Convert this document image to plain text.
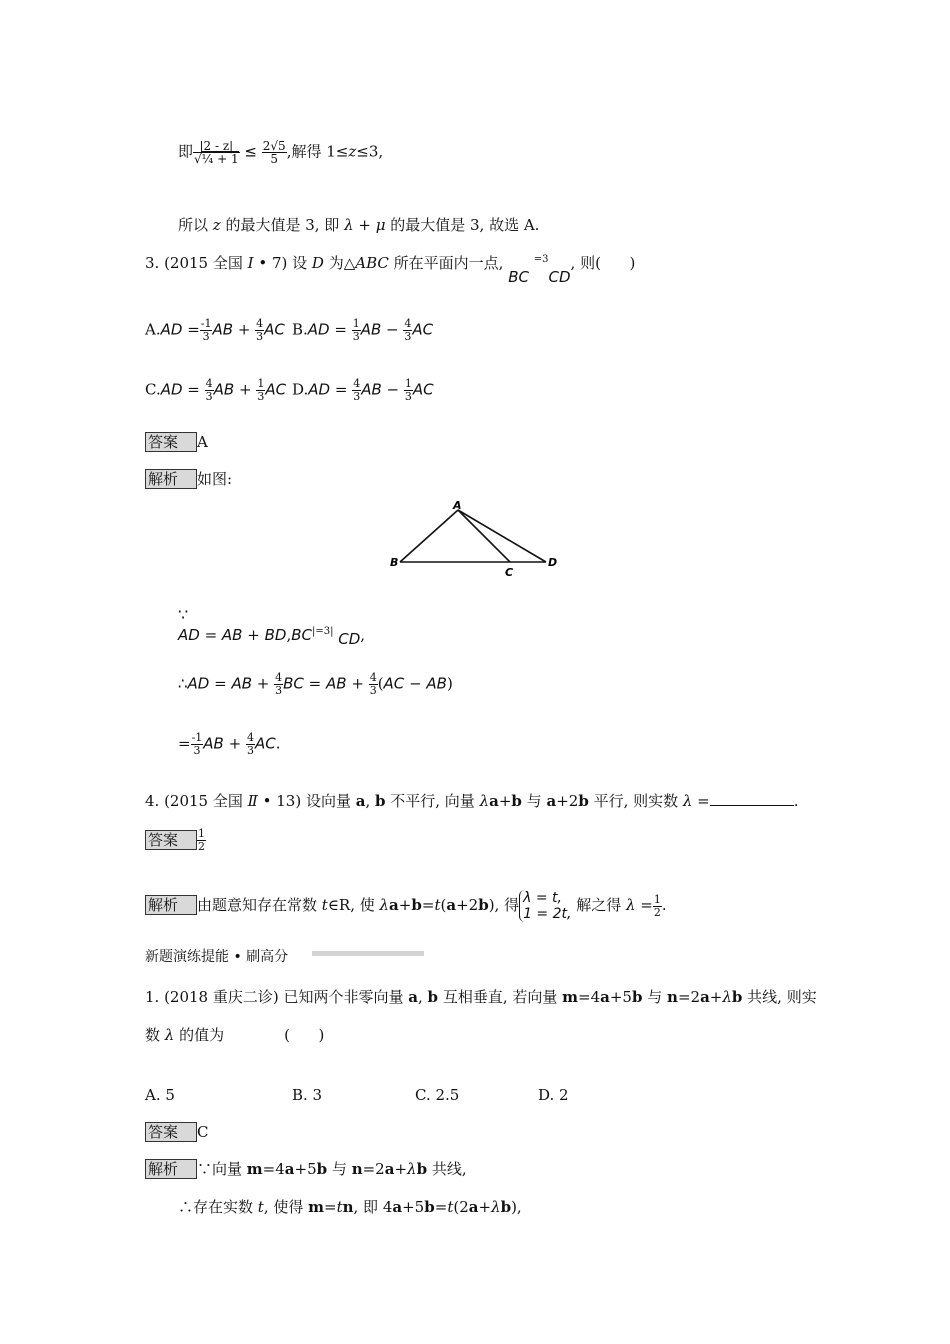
即 $\frac{|2 - z|}{\text{√¼ + 1}} \le \frac{2√5}{5}$ ,解得 1≤z≤3,
所以 z 的最大值是 3, 即 λ + μ 的最大值是 3, 故选 A.
3. (2015 全国 Ⅰ • 7) 设 D 为△ABC 所在平面内一点, BC $^{=3}$CD, 则(      )
$A.AD = \frac{-1}{3}$ AB + $\frac{4}{3}$ AC $B.AD = \frac{1}{3}$ AB − $\frac{4}{3}$ AC
$C.AD = \frac{4}{3}$ AB + $\frac{1}{3}$ AC $D.AD = \frac{4}{3}$ AB − $\frac{1}{3}$ AC
答案 A
解析 如图:
A
B
C
D
∵
AD = AB + $BD,BC^{|=3|}$ CD,
∴AD = AB + $\frac{4}{3}$ BC = AB + $\frac{4}{3} (AC - AB)$
= $\frac{-1}{3}$ AB + $\frac{4}{3}$ AC.
4. (2015 全国 Ⅱ • 13) 设向量 a, b 不平行, 向量 λa+b 与 a+2b 平行, 则实数 λ =	.
答案 $\frac{1}{2}$
解析 由题意知存在常数 t∈R, 使 λa+b=t(a+2b), 得 λ = t,
1 = 2t, 解之得 $\lambda = \frac{1}{2}$ .
新题演练提能 • 刷高分
1. (2018 重庆二诊) 已知两个非零向量 a, b 互相垂直, 若向量 m=4a+5b 与 n=2a+λb 共线, 则实
数 λ 的值为	(      )
A. 5	B. 3	C. 2.5	D. 2
答案 C
解析 ∵向量 m=4a+5b 与 n=2a+λb 共线,
∴存在实数 t, 使得 m=tn, 即 4a+5b=t(2a+λb),
